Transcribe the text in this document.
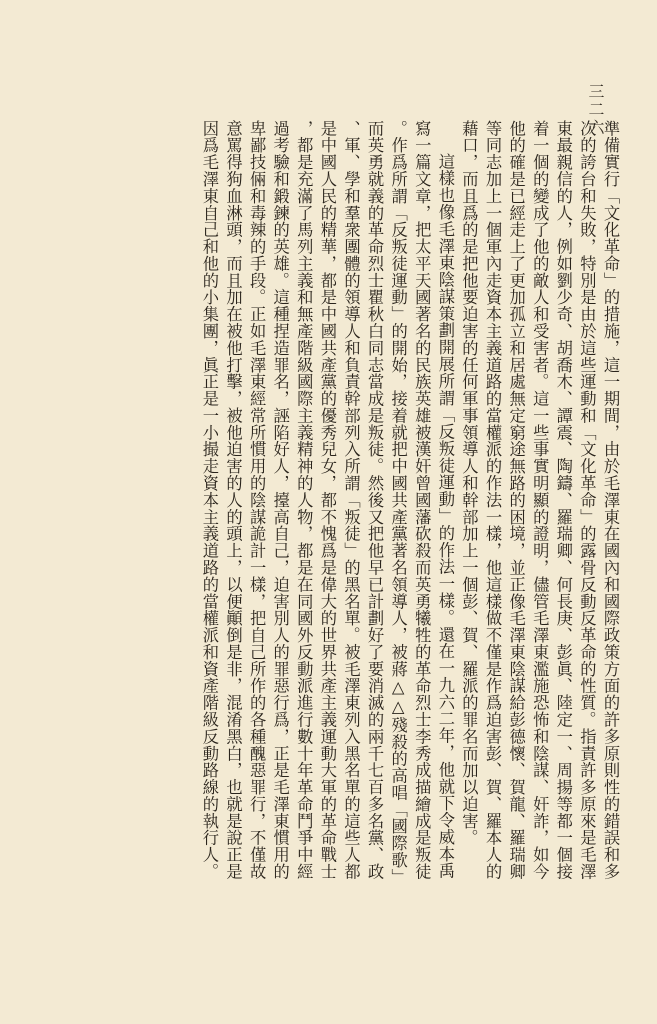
三二六
準備實行「文化革命」的措施，這一期間，由於毛澤東在國內和國際政策方面的許多原則性的錯誤和多
次的誇台和失敗，特別是由於這些運動和「文化革命」的露骨反動反革命的性質。指責許多原來是毛澤
東最親信的人，例如劉少奇、胡喬木、譚震、陶鑄、羅瑞卿、何長庚、彭眞、陸定一、周揚等都一個接
着一個的變成了他的敵人和受害者。這一些事實明顯的證明，儘管毛澤東濫施恐怖和陰謀、奸詐，如今
他的確是已經走上了更加孤立和居處無定窮途無路的困境，並正像毛澤東陰謀給彭德懷、賀龍、羅瑞卿
等同志加上一個軍內走資本主義道路的當權派的作法一樣，他這樣做不僅是作爲迫害彭、賀、羅本人的
藉口，而且爲的是把他要迫害的任何軍事領導人和幹部加上一個彭、賀、羅派的罪名而加以迫害。
這樣也像毛澤東陰謀策劃開展所謂「反叛徒運動」的作法一樣。還在一九六二年，他就下令威本禹
寫一篇文章，把太平天國著名的民族英雄被漢奸曾國藩砍殺而英勇犧牲的革命烈士李秀成描繪成是叛徒
。作爲所謂「反叛徒運動」的開始，接着就把中國共產黨著名領導人，被蔣△△殘殺的高唱「國際歌」
而英勇就義的革命烈士瞿秋白同志當成是叛徒。然後又把他早已計劃好了要消滅的兩千七百多名黨、政
、軍、學和羣衆團體的領導人和負責幹部列入所謂「叛徒」的黑名單。被毛澤東列入黑名單的這些人都
是中國人民的精華，都是中國共產黨的優秀兒女，都不愧爲是偉大的世界共產主義運動大軍的革命戰士
，都是充滿了馬列主義和無產階級國際主義精神的人物，都是在同國外反動派進行數十年革命鬥爭中經
過考驗和鍛鍊的英雄。這種捏造罪名，誣陷好人，擡高自己，迫害別人的罪惡行爲，正是毛澤東慣用的
卑鄙技倆和毒辣的手段。正如毛澤東經常所慣用的陰謀詭計一樣，把自己所作的各種醜惡罪行，不僅故
意罵得狗血淋頭，而且加在被他打擊，被他迫害的人的頭上，以便顚倒是非，混淆黑白，也就是說正是
因爲毛澤東自己和他的小集團，眞正是一小撮走資本主義道路的當權派和資產階級反動路線的執行人。
